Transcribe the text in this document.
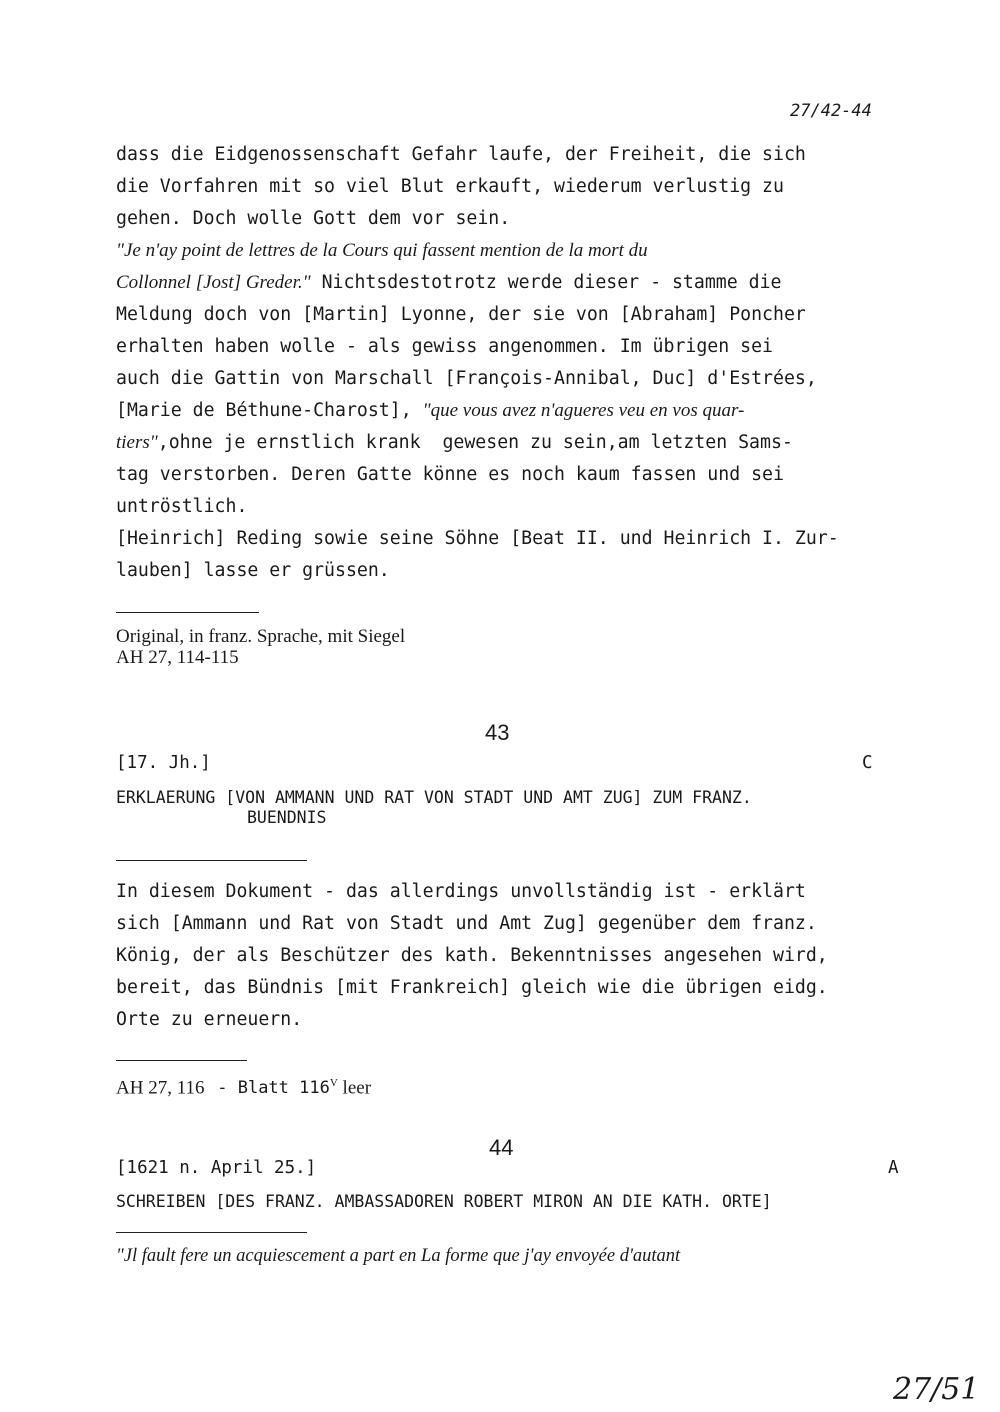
27/42-44
dass die Eidgenossenschaft Gefahr laufe, der Freiheit, die sich
die Vorfahren mit so viel Blut erkauft, wiederum verlustig zu
gehen. Doch wolle Gott dem vor sein.
"Je n'ay point de lettres de la Cours qui fassent mention de la mort du
Collonnel [Jost] Greder." Nichtsdestotrotz werde dieser - stamme die
Meldung doch von [Martin] Lyonne, der sie von [Abraham] Poncher
erhalten haben wolle - als gewiss angenommen. Im übrigen sei
auch die Gattin von Marschall [François-Annibal, Duc] d'Estrées,
[Marie de Béthune-Charost], "que vous avez n'agueres veu en vos quar-
tiers",ohne je ernstlich krank  gewesen zu sein,am letzten Sams-
tag verstorben. Deren Gatte könne es noch kaum fassen und sei
untröstlich.
[Heinrich] Reding sowie seine Söhne [Beat II. und Heinrich I. Zur-
lauben] lasse er grüssen.
Original, in franz. Sprache, mit Siegel
AH 27, 114-115
43
[17. Jh.]	C
ERKLAERUNG [VON AMMANN UND RAT VON STADT UND AMT ZUG] ZUM FRANZ.
BUENDNIS
In diesem Dokument - das allerdings unvollständig ist - erklärt
sich [Ammann und Rat von Stadt und Amt Zug] gegenüber dem franz.
König, der als Beschützer des kath. Bekenntnisses angesehen wird,
bereit, das Bündnis [mit Frankreich] gleich wie die übrigen eidg.
Orte zu erneuern.
AH 27, 116 - Blatt $116^V$ leer
44
[1621 n. April 25.]	A
SCHREIBEN [DES FRANZ. AMBASSADOREN ROBERT MIRON AN DIE KATH. ORTE]
"Jl fault fere un acquiescement a part en La forme que j'ay envoyée d'autant
27/51
